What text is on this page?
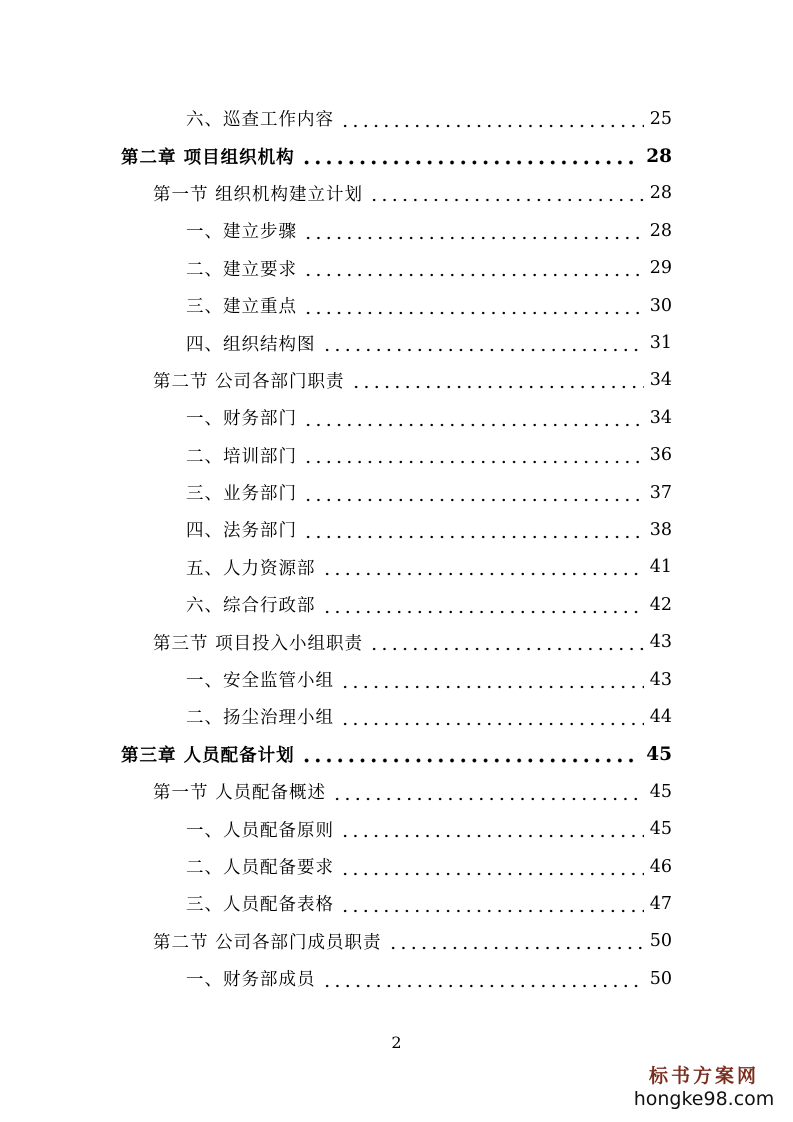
六、巡查工作内容	25
第二章 项目组织机构	28
第一节 组织机构建立计划	28
一、建立步骤	28
二、建立要求	29
三、建立重点	30
四、组织结构图	31
第二节 公司各部门职责	34
一、财务部门	34
二、培训部门	36
三、业务部门	37
四、法务部门	38
五、人力资源部	41
六、综合行政部	42
第三节 项目投入小组职责	43
一、安全监管小组	43
二、扬尘治理小组	44
第三章 人员配备计划	45
第一节 人员配备概述	45
一、人员配备原则	45
二、人员配备要求	46
三、人员配备表格	47
第二节 公司各部门成员职责	50
一、财务部成员	50
2
标书方案网
hongke98.com
